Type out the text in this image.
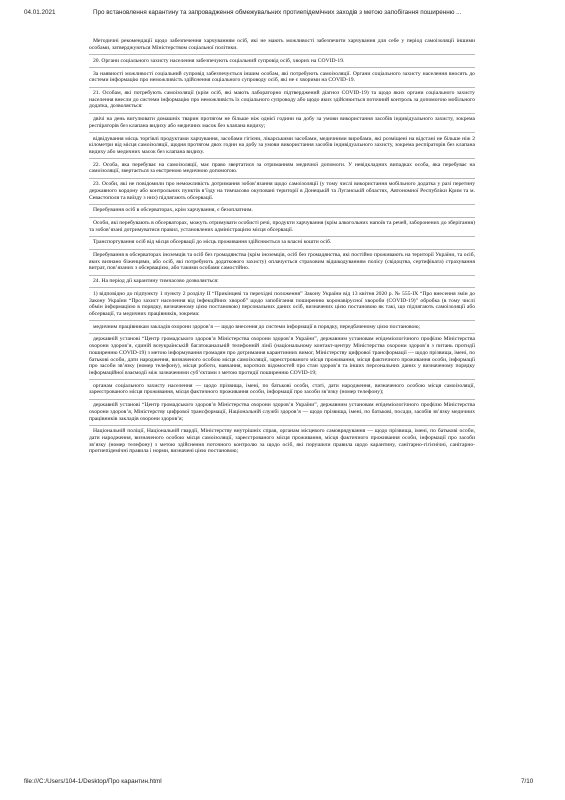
04.01.2021	Про встановлення карантину та запровадження обмежувальних протиепідемічних заходів з метою запобігання поширенню ...
Методичні рекомендації щодо забезпечення харчуванням осіб, які не мають можливості забезпечити харчування для себе у період самоізоляції іншими особами, затверджуються Міністерством соціальної політики.
20. Органи соціального захисту населення забезпечують соціальний супровід осіб, хворих на COVID-19.
За наявності можливості соціальний супровід забезпечується іншим особам, які потребують самоізоляції. Органи соціального захисту населення вносять до системи інформацію про неможливість здійснення соціального супроводу осіб, які не є хворими на COVID-19.
21. Особам, які потребують самоізоляції (крім осіб, які мають лабораторно підтверджений діагноз COVID-19) та щодо яких органи соціального захисту населення внесли до системи інформацію про неможливість їх соціального супроводу або щодо яких здійснюється поточний контроль за допомогою мобільного додатка, дозволяється:
двічі на день вигулювати домашніх тварин протягом не більше ніж однієї години на добу за умови використання засобів індивідуального захисту, зокрема респіраторів без клапана видиху або медичних масок без клапана видиху;
відвідування місць торгівлі продуктами харчування, засобами гігієни, лікарськими засобами, медичними виробами, які розміщені на відстані не більше ніж 2 кілометри від місця самоізоляції, щодня протягом двох годин на добу за умови використання засобів індивідуального захисту, зокрема респіраторів без клапана видиху або медичних масок без клапана видиху.
22. Особа, яка перебуває на самоізоляції, має право звертатися за отриманням медичної допомоги. У невідкладних випадках особа, яка перебуває на самоізоляції, звертається за екстреною медичною допомогою.
23. Особи, які не повідомили про неможливість дотримання зобов’язання щодо самоізоляції (у тому числі використання мобільного додатка у разі перетину державного кордону або контрольних пунктів в’їзду на тимчасово окуповані території в Донецькій та Луганській областях, Автономної Республіки Крим та м. Севастополя та виїзду з них) підлягають обсервації.
Перебування осіб в обсерваторах, крім харчування, є безоплатним.
Особи, які перебувають в обсерваторах, можуть отримувати особисті речі, продукти харчування (крім алкогольних напоїв та речей, заборонених до зберігання) та зобов’язані дотримуватися правил, установлених адміністрацією місця обсервації.
Транспортування осіб від місця обсервації до місць проживання здійснюється за власні кошти осіб.
Перебування в обсерваторах іноземців та осіб без громадянства (крім іноземців, осіб без громадянства, які постійно проживають на території України, та осіб, яких визнано біженцями, або осіб, які потребують додаткового захисту) оплачується страховим відшкодуванням полісу (свідоцтва, сертифіката) страхування витрат, пов’язаних з обсервацією, або такими особами самостійно.
24. На період дії карантину тимчасово дозволяється:
1) відповідно до підпункту 1 пункту 2 розділу II “Прикінцеві та перехідні положення” Закону України від 13 квітня 2020 р. № 555-IX “Про внесення змін до Закону України “Про захист населення від інфекційних хвороб” щодо запобігання поширенню коронавірусної хвороби (COVID-19)” обробка (в тому числі обмін інформацією в порядку, визначеному цією постановою) персональних даних осіб, визначених цією постановою як такі, що підлягають самоізоляції або обсервації, та медичних працівників, зокрема:
медичним працівникам закладів охорони здоров’я — щодо внесення до системи інформації в порядку, передбаченому цією постановою;
державній установі “Центр громадського здоров’я Міністерства охорони здоров’я України”, державним установам епідеміологічного профілю Міністерства охорони здоров’я, єдиній всеукраїнській багатоканальній телефонній лінії (національному контакт-центру Міністерства охорони здоров’я з питань протидії поширенню COVID-19) з метою інформування громадян про дотримання карантинних вимог, Міністерству цифрової трансформації — щодо прізвища, імені, по батькові особи, дати народження, визначеного особою місця самоізоляції, зареєстрованого місця проживання, місця фактичного проживання особи, інформації про засоби зв’язку (номер телефону), місця роботи, навчання, коротких відомостей про стан здоров’я та інших персональних даних у визначеному порядку інформаційної взаємодії між зазначеними суб’єктами з метою протидії поширенню COVID-19;
органам соціального захисту населення — щодо прізвища, імені, по батькові особи, статі, дати народження, визначеного особою місця самоізоляції, зареєстрованого місця проживання, місця фактичного проживання особи, інформації про засоби зв’язку (номер телефону);
державній установі “Центр громадського здоров’я Міністерства охорони здоров’я України”, державним установам епідеміологічного профілю Міністерства охорони здоров’я, Міністерству цифрової трансформації, Національній службі здоров’я — щодо прізвища, імені, по батькові, посади, засобів зв’язку медичних працівників закладів охорони здоров’я;
Національній поліції, Національній гвардії, Міністерству внутрішніх справ, органам місцевого самоврядування — щодо прізвища, імені, по батькові особи, дати народження, визначеного особою місця самоізоляції, зареєстрованого місця проживання, місця фактичного проживання особи, інформації про засоби зв’язку (номер телефону) з метою здійснення поточного контролю за щодо осіб, які порушили правила щодо карантину, санітарно-гігієнічні, санітарно-протиепідемічні правила і норми, визначені цією постановою;
file:///C:/Users/104-1/Desktop/Про карантин.html	7/10
